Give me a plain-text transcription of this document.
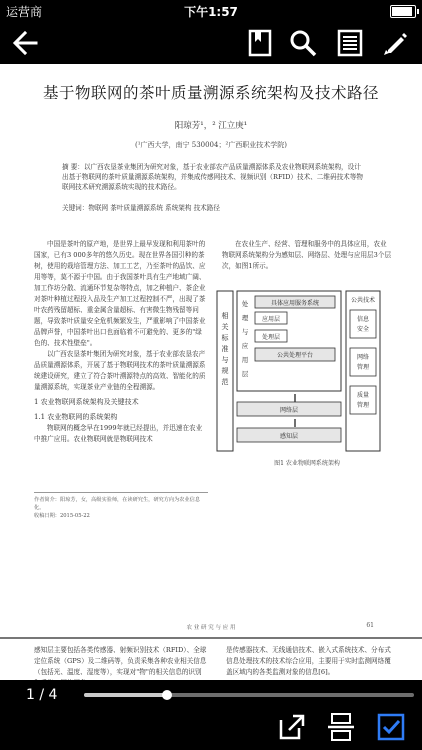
运营商	下午1:57
基于物联网的茶叶质量溯源系统架构及技术路径
阳琼芳¹，² 江立庚¹
(¹广西大学，南宁 530004；²广西职业技术学院)
摘 要：以广西农垦茶业集团为研究对象，基于农业部农产品质量溯源体系及农业物联网系统架构，设计出基于物联网的茶叶质量溯源系统架构，并集成传感网技术、视频识别（RFID）技术、二维码技术等物联网技术研究溯源系统实现的技术路径。
关键词：物联网 茶叶质量溯源系统 系统架构 技术路径

中国是茶叶的原产地，是世界上最早发现和利用茶叶的国家，已有3 000多年的悠久历史。现在世界各国引种的茶树，使用的栽培管理方法、加工工艺，乃至茶叶的品饮、应用等等，莫不源于中国。由于我国茶叶具有生产地域广阔、加工作坊分散、流通环节复杂等特点，加之种植户、茶企业对茶叶种植过程投入品及生产加工过程控制不严，出现了茶叶农药残留超标、重金属含量超标、有害微生物残留等问题，导致茶叶质量安全危机频繁发生，严重影响了中国茶业品牌声誉，中国茶叶出口也面临着不可避免的、更多的"绿色的、技术性壁垒"。

以广西农垦茶叶集团为研究对象，基于农业部农垦农产品质量溯源体系，开展了基于物联网技术的茶叶质量溯源系统建设研究，建立了符合茶叶溯源特点的高效、智能化的质量溯源系统，实现茶业产业链的全程溯源。

1 农业物联网系统架构及关键技术
1.1 农业物联网的系统架构

物联网的概念早在1999年就已经提出，并迅速在农业中推广应用。农业物联网就是物联网技术

在农业生产、经营、管理和服务中的具体应用，农业物联网系统架构分为感知层、网络层、处理与应用层3个层次，如图1所示。

作者简介：阳琼芳，女，高级实验师，在读研究生，研究方向为农业信息化。
收稿日期：2015-05-22
相关标准与规范
处理与应用层
具体应用服务系统
应用层
处理层
公共处理平台
网络层
感知层
公共技术
信息安全
网络管理
质量管理
图1 农业物联网系统架构
农 业 研 究 与 应 用	61
感知层主要包括各类传感器、射频识别技术（RFID）、全球定位系统（GPS）及二维码等，负责采集各种农业相关信息（包括光、温度、湿度等），实现对"物"的相关信息的识别
是传感器技术、无线通信技术、嵌入式系统技术、分布式信息处理技术的技术综合应用，主要用于实时监测网络覆盖区域内的各类监测对象的信息[6]。
1 / 4
